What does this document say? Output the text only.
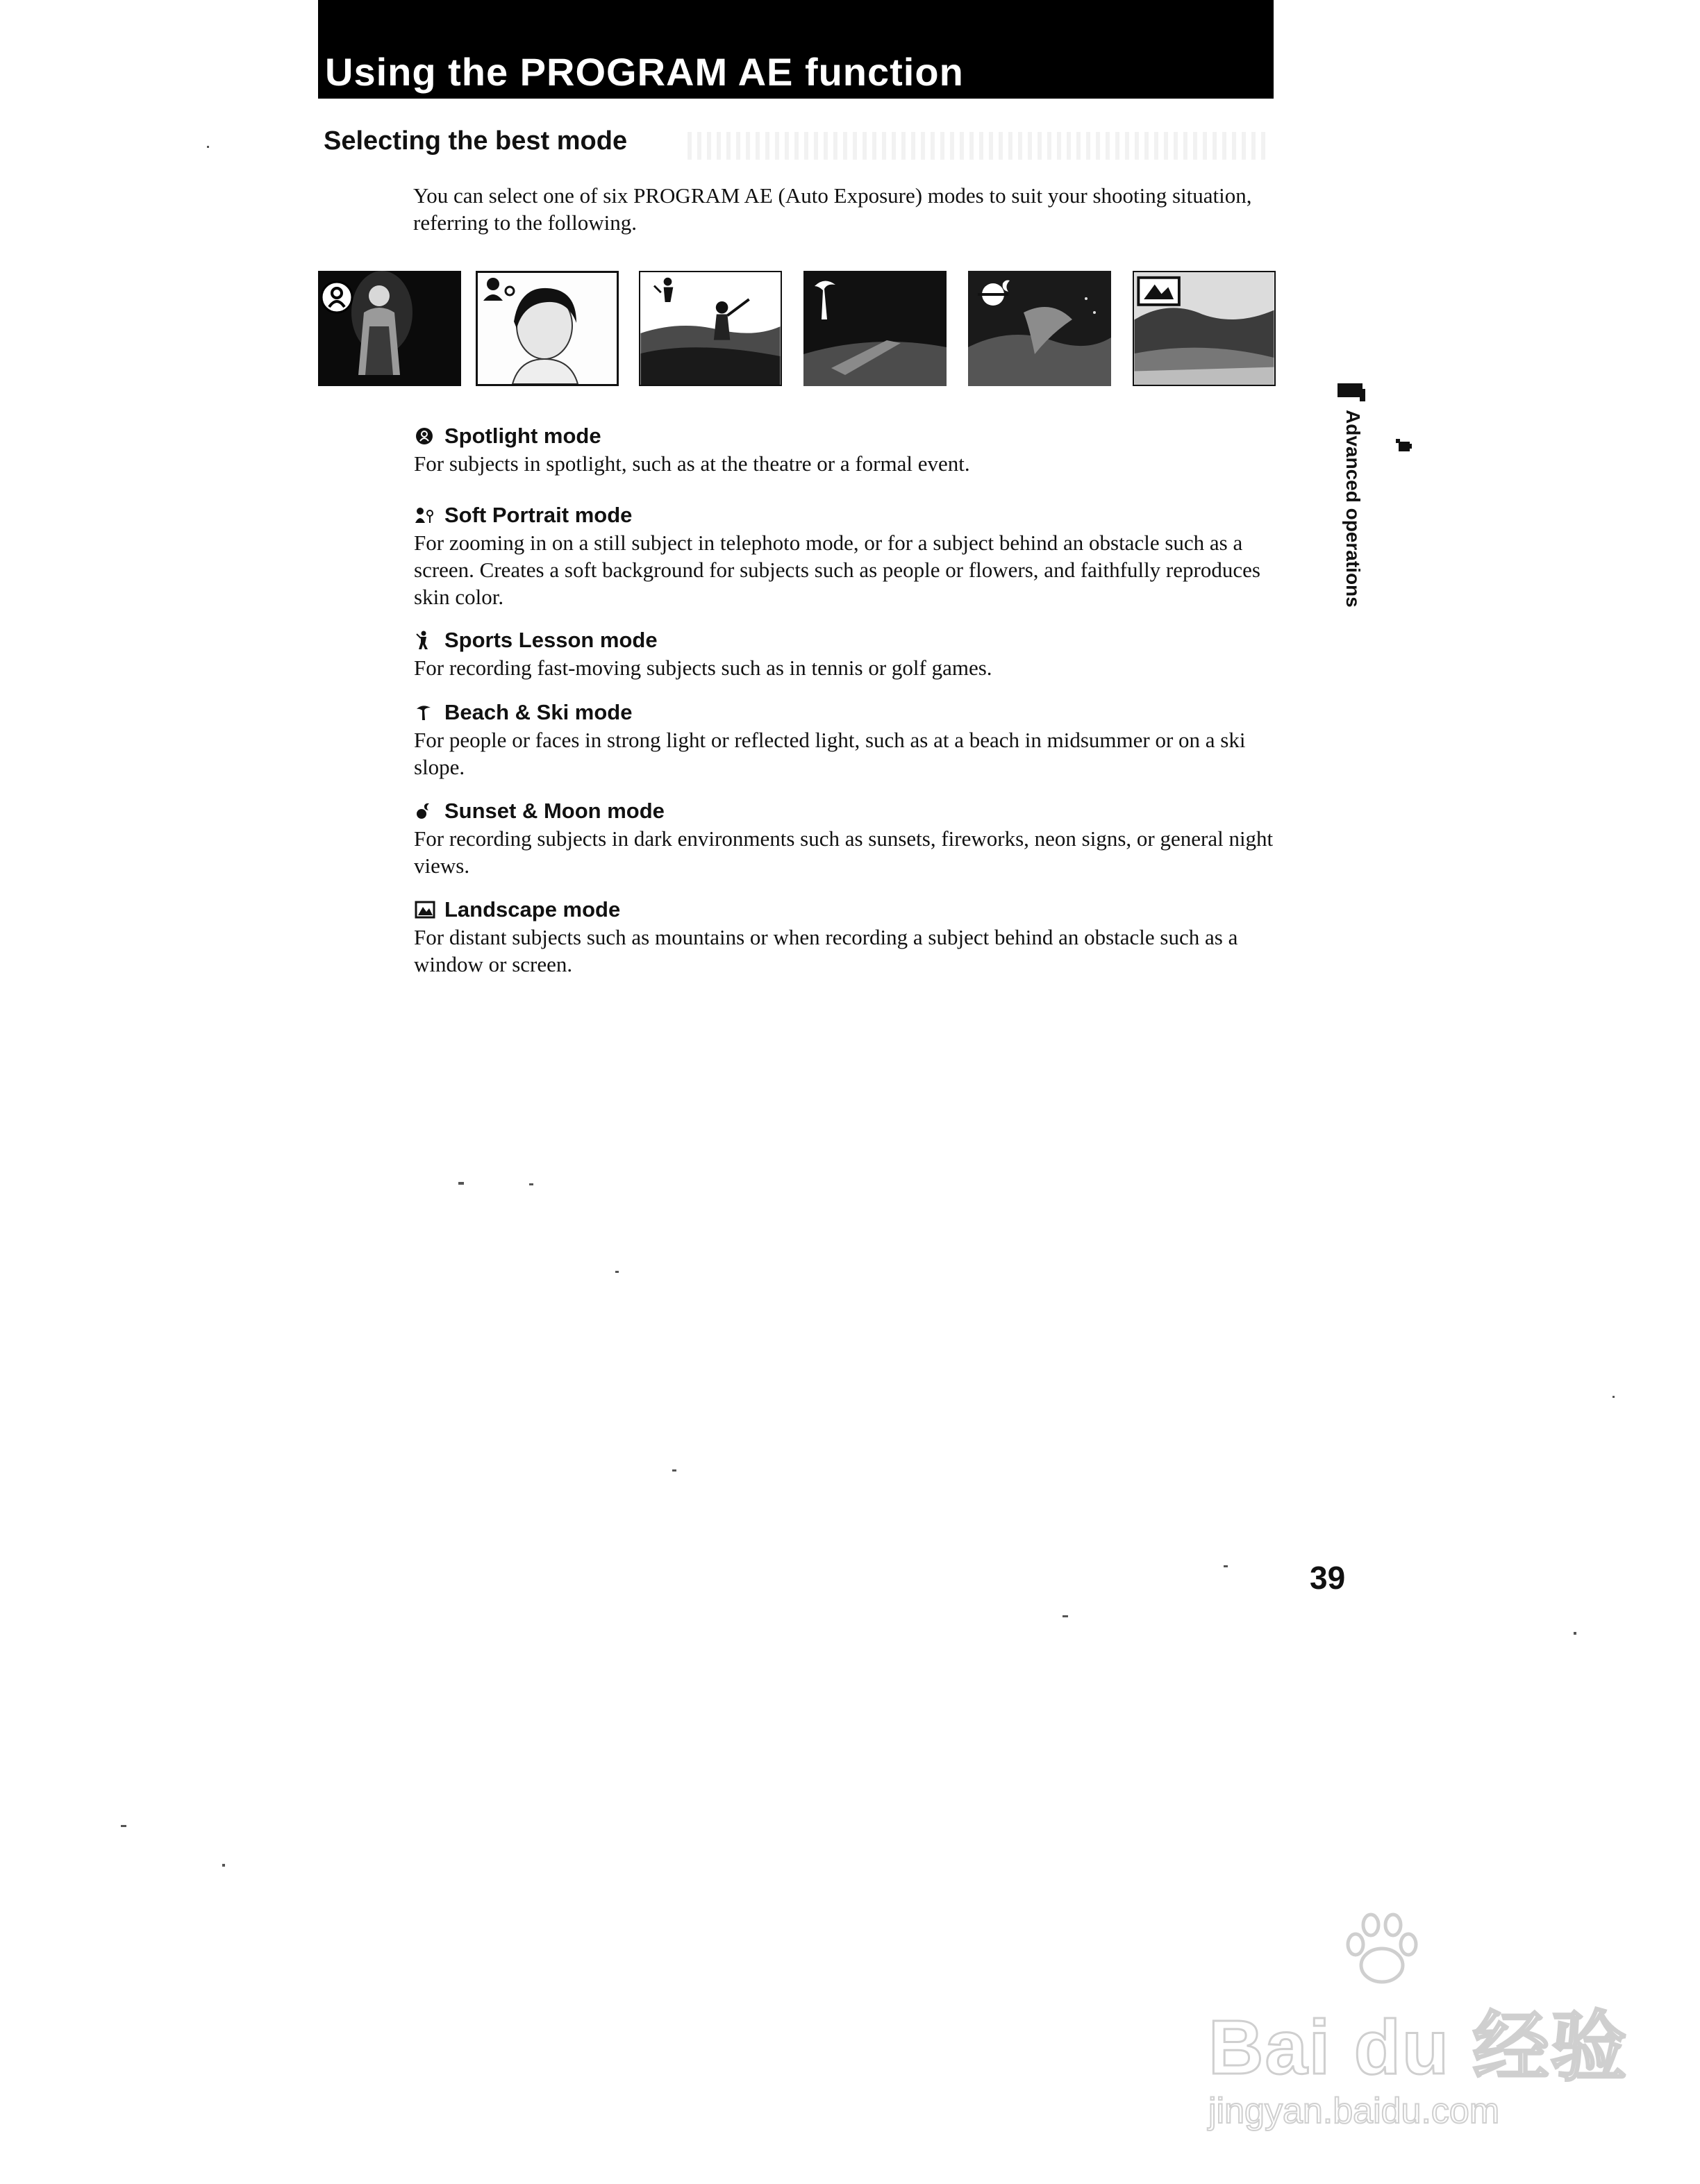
Using the PROGRAM AE function
Selecting the best mode
You can select one of six PROGRAM AE (Auto Exposure) modes to suit your shooting situation, referring to the following.
Spotlight mode
For subjects in spotlight, such as at the theatre or a formal event.
Soft Portrait mode
For zooming in on a still subject in telephoto mode, or for a subject behind an obstacle such as a screen. Creates a soft background for subjects such as people or flowers, and faithfully reproduces skin color.
Sports Lesson mode
For recording fast-moving subjects such as in tennis or golf games.
Beach & Ski mode
For people or faces in strong light or reflected light, such as at a beach in midsummer or on a ski slope.
Sunset & Moon mode
For recording subjects in dark environments such as sunsets, fireworks, neon signs, or general night views.
Landscape mode
For distant subjects such as mountains or when recording a subject behind an obstacle such as a window or screen.
Advanced operations
39
Bai du 经验
jingyan.baidu.com
